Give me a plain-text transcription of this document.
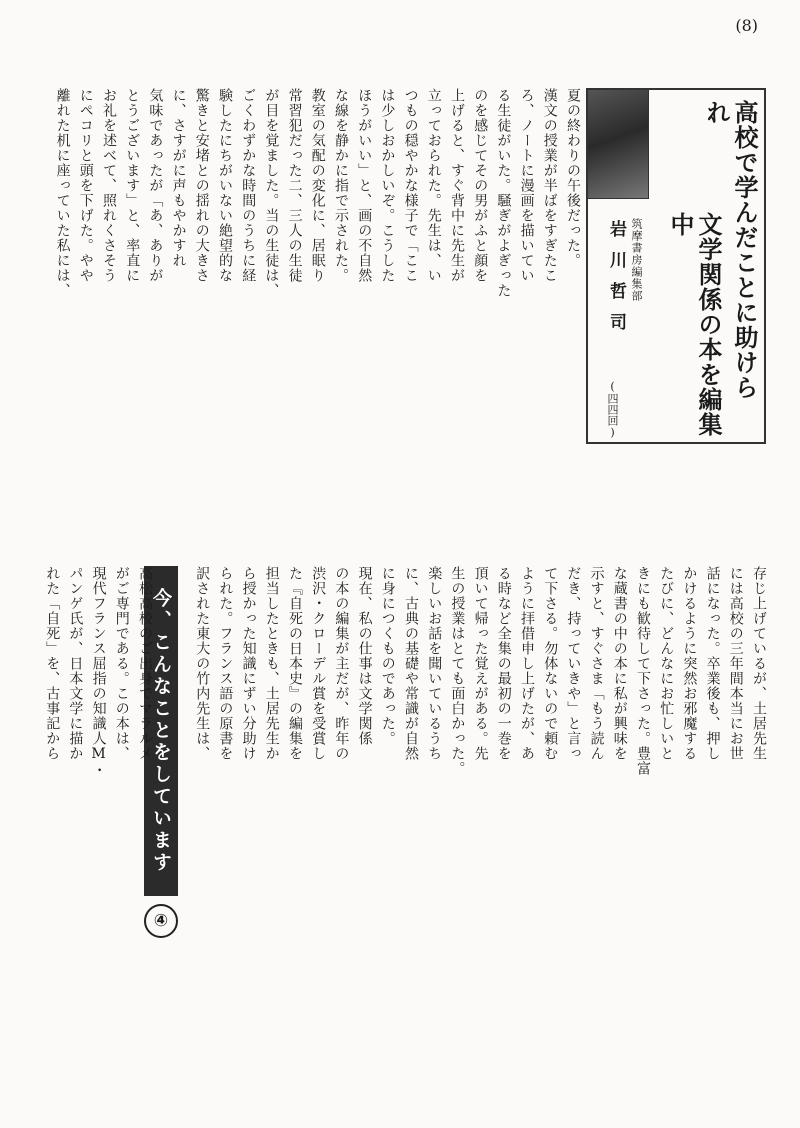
(8)
高校で学んだことに助けられ
文学関係の本を編集中
筑摩書房編集部
岩川哲司
(四四回)
今、こんなことをしています
④
夏の終わりの午後だった。
漢文の授業が半ばをすぎたこ
ろ、ノートに漫画を描いてい
る生徒がいた。騒ぎがよぎった
のを感じてその男がふと顔を
上げると、すぐ背中に先生が
立っておられた。先生は、い
つもの穏やかな様子で「ここ
は少しおかしいぞ。こうした
ほうがいい」と、画の不自然
な線を静かに指で示された。
教室の気配の変化に、居眠り
常習犯だった二、三人の生徒
が目を覚ました。当の生徒は、
ごくわずかな時間のうちに経
験したにちがいない絶望的な
驚きと安堵との揺れの大きさ
に、さすがに声もやかすれ
気味であったが「あ、ありが
とうございます」と、率直に
お礼を述べて、照れくさそう
にペコリと頭を下げた。やや
離れた机に座っていた私には、
存じ上げているが、土居先生
には高校の三年間本当にお世
話になった。卒業後も、押し
かけるように突然お邪魔する
たびに、どんなにお忙しいと
きにも歓待して下さった。豊富
な蔵書の中の本に私が興味を
示すと、すぐさま「もう読ん
だき、持っていきや」と言っ
て下さる。勿体ないので頼む
ように拝借申し上げたが、あ
る時など全集の最初の一巻を
頂いて帰った覚えがある。先
生の授業はとても面白かった。
楽しいお話を聞いているうち
に、古典の基礎や常識が自然
に身につくものであった。
現在、私の仕事は文学関係
の本の編集が主だが、昨年の
渋沢・クローデル賞を受賞し
た『自死の日本史』の編集を
担当したときも、土居先生か
ら授かった知識にずい分助け
られた。フランス語の原書を
訳された東大の竹内先生は、
高松高校のご出身でマラルメ
がご専門である。この本は、
現代フランス屈指の知識人M・
パンゲ氏が、日本文学に描か
れた「自死」を、古事記から
